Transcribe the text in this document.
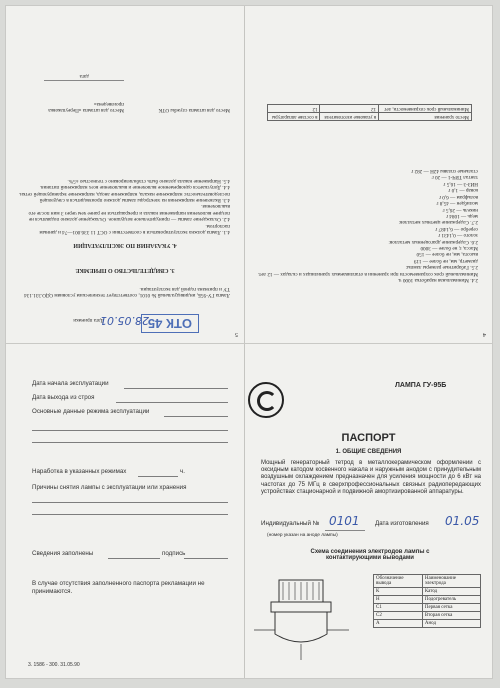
5
4. УКАЗАНИЯ ПО ЭКСПЛУАТАЦИИ
4.1. Лампа должна эксплуатироваться в соответствии с ОСТ 11 336.001—74 и данным паспортом.
4.2. Охлаждение лампы — принудительное воздушное. Охлаждение должно подаваться не позднее включения напряжения накала и прекращаться не ранее чем через 3 мин после его выключения.
4.3. Включение напряжения на электроды лампы должно производиться в следующей последовательности: напряжение накала, напряжение анода, напряжение экранирующей сетки.
4.4. Допускается одновременное включение и выключение всех напряжений питания.
4.5. Напряжение накала должно быть стабилизировано с точностью ±5%.
Место для штампа службы ОТК
Место для штампа «Переупаковка произведена»
дата
4
2.4. Минимальная наработка 1000 ч.
Минимальный срок сохраняемости при хранении в отапливаемых хранилищах и складах — 12 лет.
2.5. Габаритные размеры лампы:
диаметр, мм, не более — 119
высота, мм, не более — 150
Масса, г, не более — 3000
2.6. Содержание драгоценных металлов:
золото — 0,1431 г
серебро — 6,1487 г
2.7. Содержание цветных металлов:
медь — 1084 г
никель — 26,5 г
молибден — 45,8 г
вольфрам — 6,0 г
ковар — 1,0 г
НИЗ-3 — 16,5 г
тантал ТВЧ-1 — 20 г
стальные сплавы 42Н — 282 г
Место хранения	в упаковке изготовителя	в составе аппаратуры
Минимальный срок сохраняемости, лет	12	12
3. СВИДЕТЕЛЬСТВО О ПРИЕМКЕ
Лампа ГУ-95Б, индивидуальный № 0101, соответствует техническим условиям ОДО.331.134 ТУ и признана годной для эксплуатации.
Дата приемки
28.05.01
ОТК 45
Дата начала эксплуатации
Дата выхода из строя
Основные данные режима эксплуатации
Наработка в указанных режимах	ч.
Причины снятия лампы с эксплуатации или хранения
Сведения заполнены	подпись
В случае отсутствия заполненного паспорта рекламации не принимаются.
3. 1586 - 300. 31.05.90
ЛАМПА ГУ-95Б
ПАСПОРТ
1. ОБЩИЕ СВЕДЕНИЯ
Мощный генераторный тетрод в металлокерамическом оформлении с оксидным катодом косвенного накала и наружным анодом с принудительным воздушным охлаждением предназначен для усиления мощности до 6 кВт на частотах до 75 МГц в сверхпрофессиональных связных радиопередающих устройствах стационарной и подвижной амортизированной аппаратуры.
Индивидуальный № 0101 Дата изготовления 01.05
(номер указан на аноде лампы)
Схема соединения электродов лампы с контактирующими выводами
Обозначение вывода	Наименование электрода
К	Катод
Н	Подогреватель
С1	Первая сетка
С2	Вторая сетка
А	Анод
